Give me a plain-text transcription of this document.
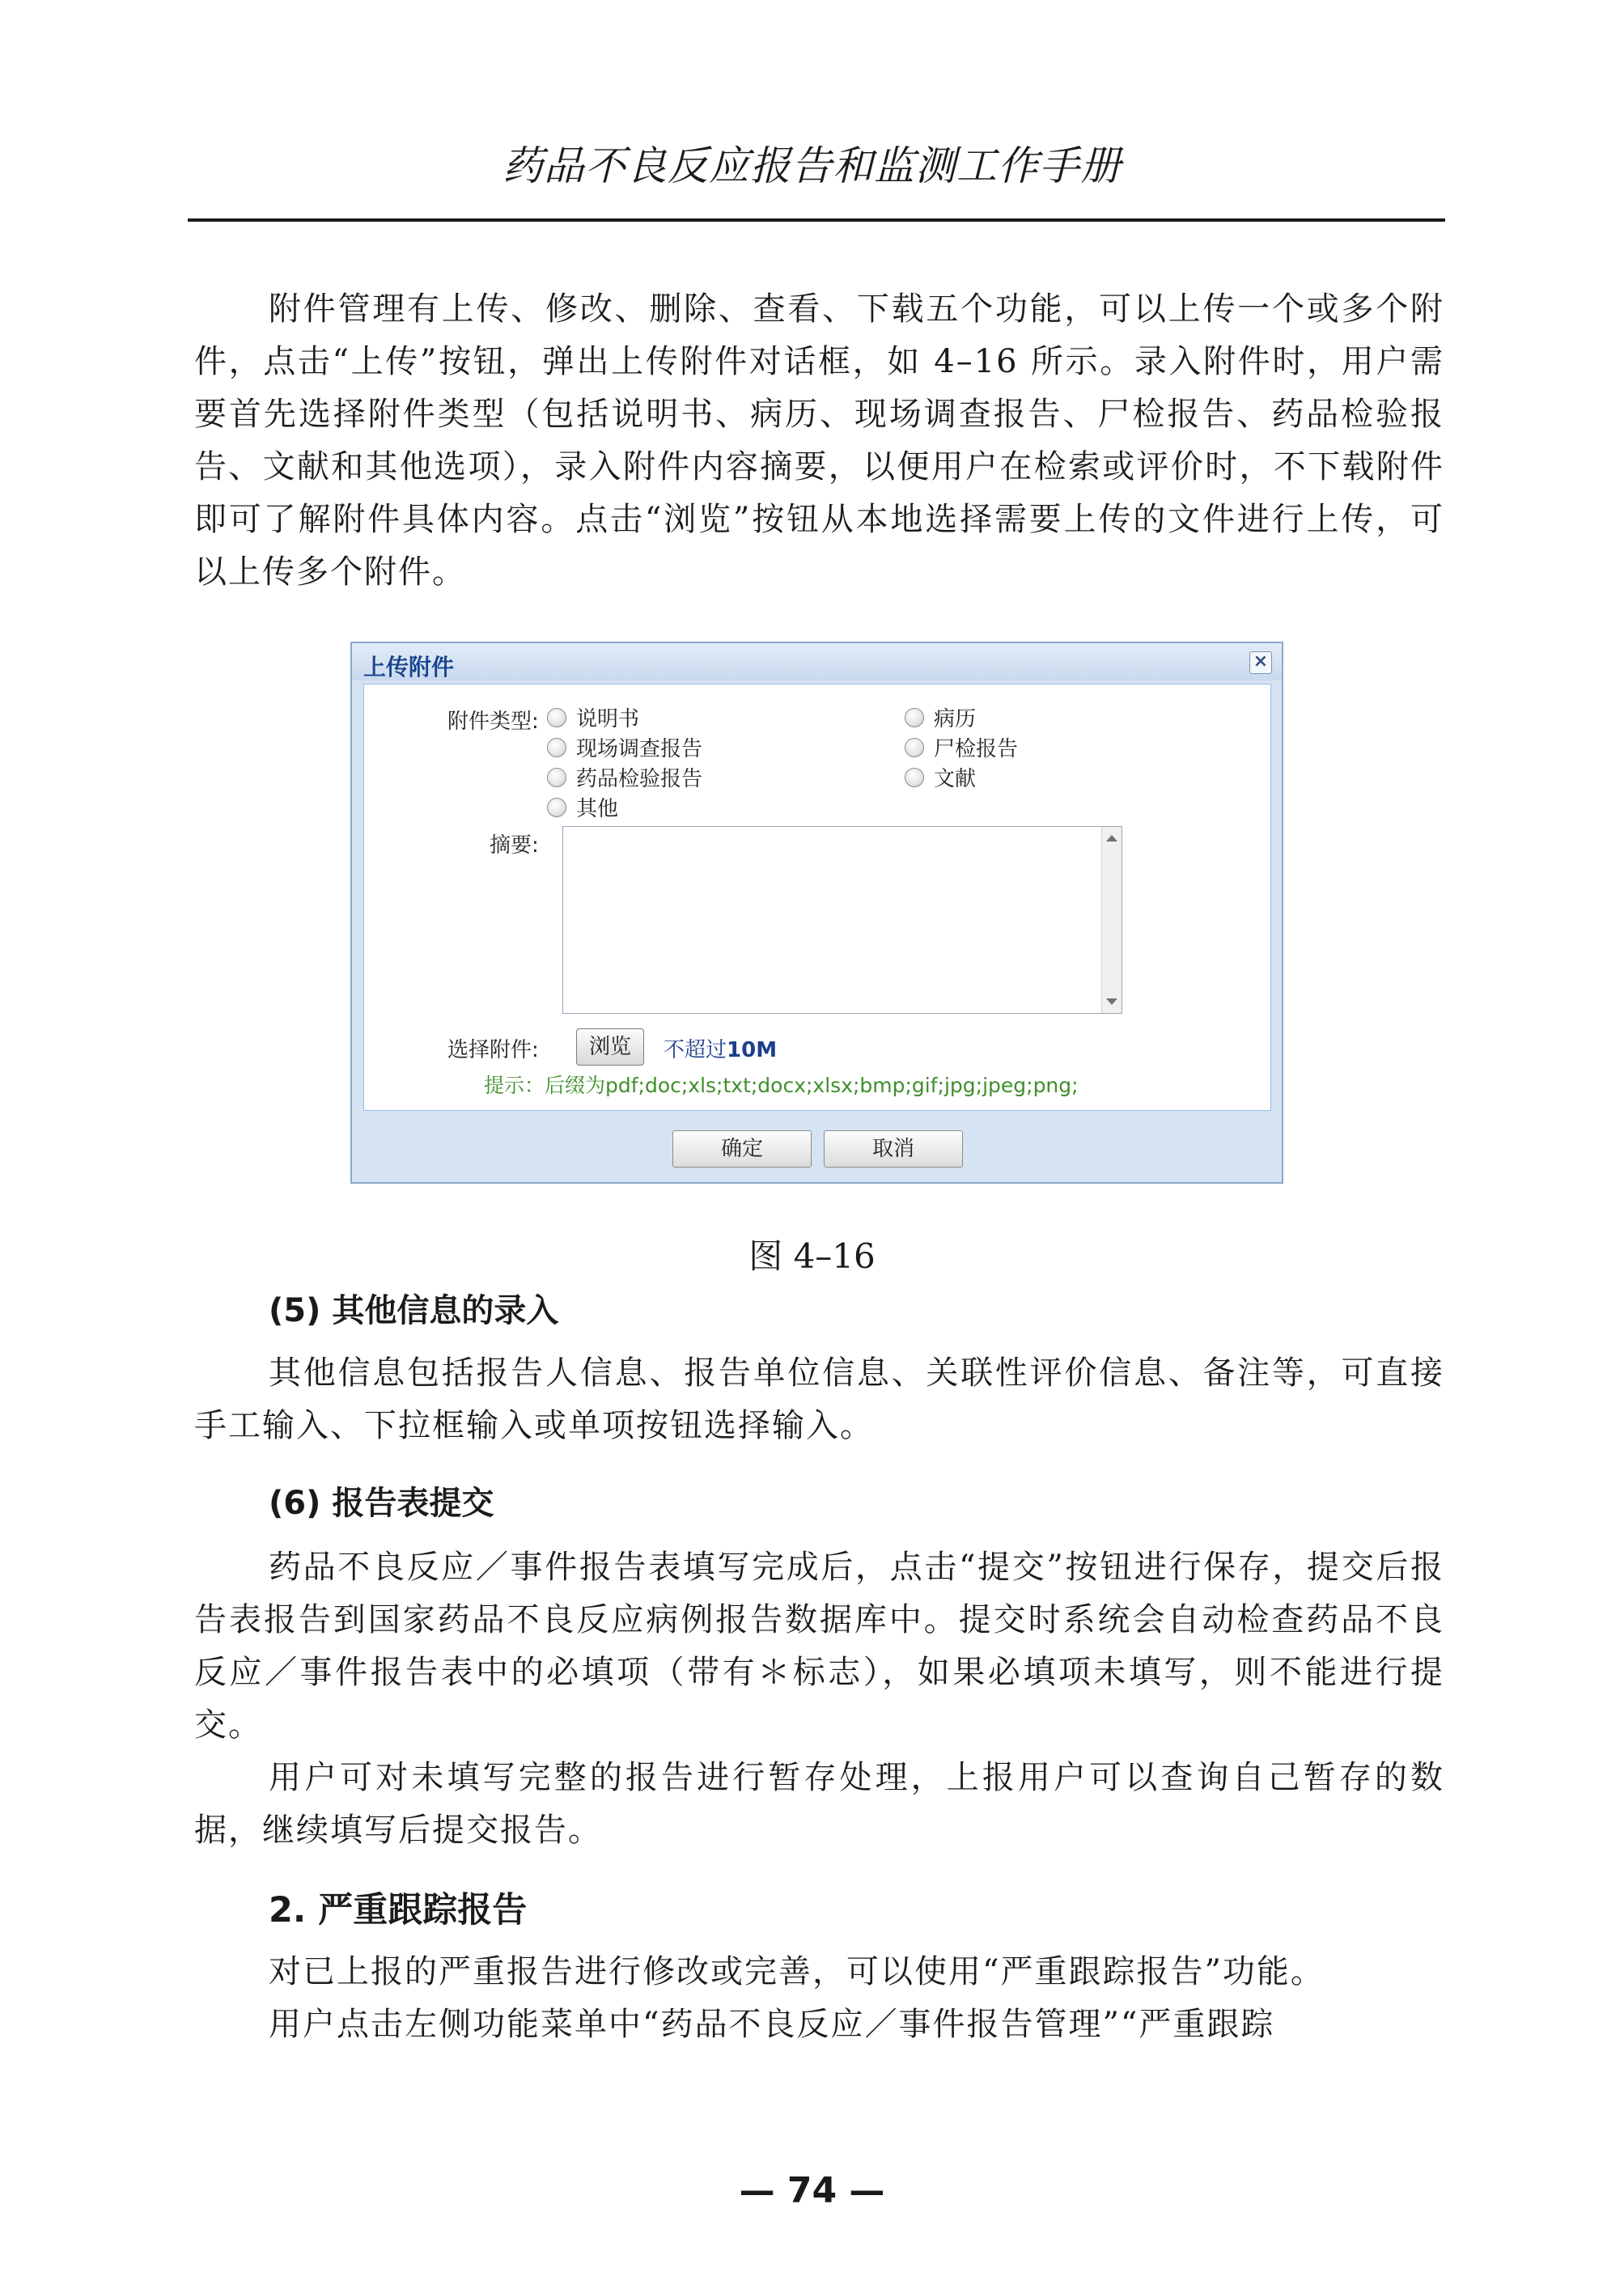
药品不良反应报告和监测工作手册

附件管理有上传、修改、删除、查看、下载五个功能，可以上传一个或多个附件，点击“上传”按钮，弹出上传附件对话框，如 4–16 所示。录入附件时，用户需要首先选择附件类型（包括说明书、病历、现场调查报告、尸检报告、药品检验报告、文献和其他选项），录入附件内容摘要，以便用户在检索或评价时，不下载附件即可了解附件具体内容。点击“浏览”按钮从本地选择需要上传的文件进行上传，可以上传多个附件。

上传附件	×
附件类型:	说明书	病历
现场调查报告	尸检报告
药品检验报告	文献
其他
摘要:
选择附件:	浏览	不超过10M
提示：后缀为pdf;doc;xls;txt;docx;xlsx;bmp;gif;jpg;jpeg;png;
确定	取消
图 4–16

(5) 其他信息的录入

其他信息包括报告人信息、报告单位信息、关联性评价信息、备注等，可直接手工输入、下拉框输入或单项按钮选择输入。

(6) 报告表提交

药品不良反应／事件报告表填写完成后，点击“提交”按钮进行保存，提交后报告表报告到国家药品不良反应病例报告数据库中。提交时系统会自动检查药品不良反应／事件报告表中的必填项（带有＊标志），如果必填项未填写，则不能进行提交。

用户可对未填写完整的报告进行暂存处理，上报用户可以查询自己暂存的数据，继续填写后提交报告。

2. 严重跟踪报告

对已上报的严重报告进行修改或完善，可以使用“严重跟踪报告”功能。

用户点击左侧功能菜单中“药品不良反应／事件报告管理”“严重跟踪

— 74 —
